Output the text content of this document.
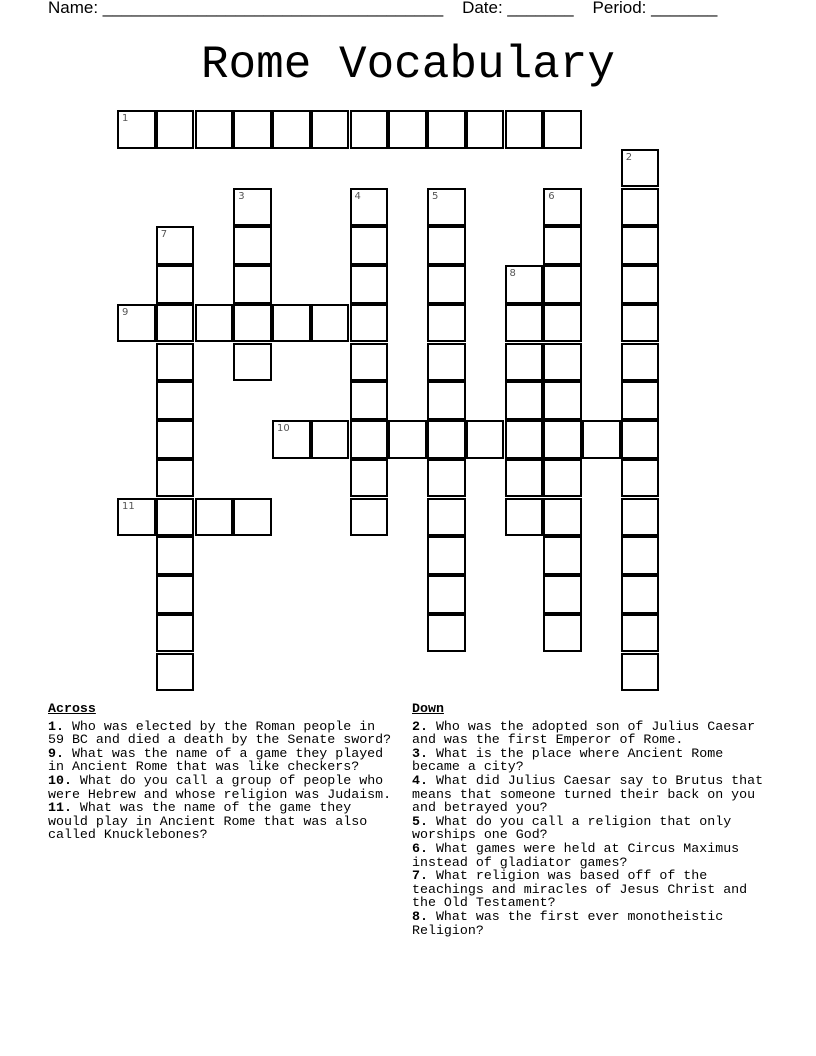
Name: ____________________________________ Date: _______ Period: _______
Rome Vocabulary
1
2
3	4	5	6
7
8
9
10
11
Across
1. Who was elected by the Roman people in 59 BC and died a death by the Senate sword?
9. What was the name of a game they played in Ancient Rome that was like checkers?
10. What do you call a group of people who were Hebrew and whose religion was Judaism.
11. What was the name of the game they would play in Ancient Rome that was also called Knucklebones?
Down
2. Who was the adopted son of Julius Caesar and was the first Emperor of Rome.
3. What is the place where Ancient Rome became a city?
4. What did Julius Caesar say to Brutus that means that someone turned their back on you and betrayed you?
5. What do you call a religion that only worships one God?
6. What games were held at Circus Maximus instead of gladiator games?
7. What religion was based off of the teachings and miracles of Jesus Christ and the Old Testament?
8. What was the first ever monotheistic Religion?
